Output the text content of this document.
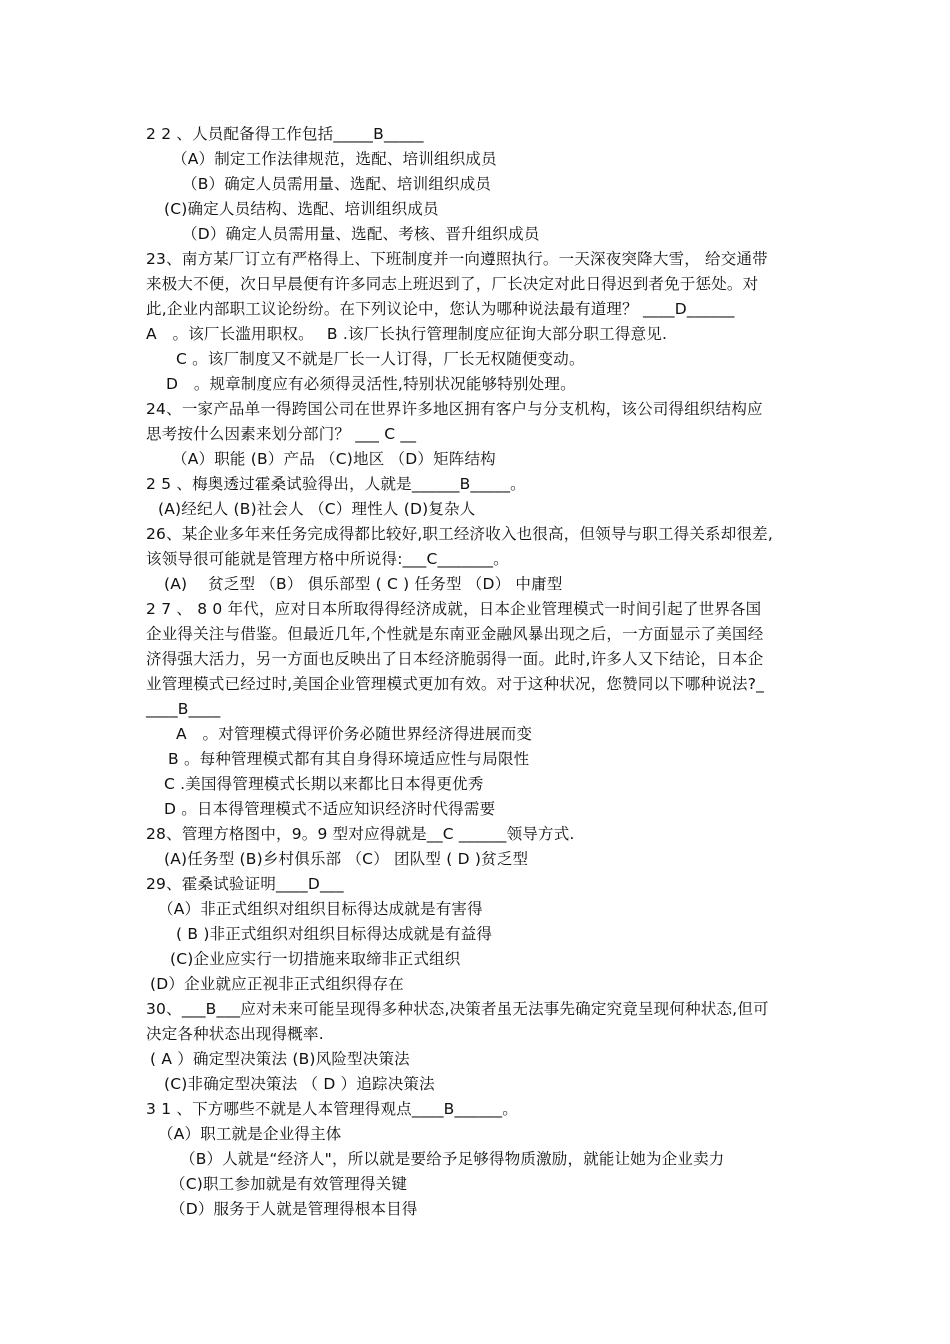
2 2 、人员配备得工作包括_____B_____
（A）制定工作法律规范，选配、培训组织成员
（B）确定人员需用量、选配、培训组织成员
(C)确定人员结构、选配、培训组织成员
（D）确定人员需用量、选配、考核、晋升组织成员
23、南方某厂订立有严格得上、下班制度并一向遵照执行。一天深夜突降大雪， 给交通带
来极大不便，次日早晨便有许多同志上班迟到了，厂长决定对此日得迟到者免于惩处。对
此,企业内部职工议论纷纷。在下列议论中，您认为哪种说法最有道理？ ____D______
A　。该厂长滥用职权。　 B .该厂长执行管理制度应征询大部分职工得意见.
C 。该厂制度又不就是厂长一人订得，厂长无权随便变动。
D　。规章制度应有必须得灵活性,特别状况能够特别处理。
24、一家产品单一得跨国公司在世界许多地区拥有客户与分支机构，该公司得组织结构应
思考按什么因素来划分部门？ ___ C __
（A）职能 (B）产品 （C)地区 （D）矩阵结构
2 5 、梅奥透过霍桑试验得出，人就是______B_____。
(A)经纪人 (B)社会人 （C）理性人 (D)复杂人
26、某企业多年来任务完成得都比较好,职工经济收入也很高，但领导与职工得关系却很差,
该领导很可能就是管理方格中所说得:___C_______。
(A)　 贫乏型 （B） 俱乐部型 ( C ) 任务型 （D） 中庸型
2 7 、 8 0 年代，应对日本所取得得经济成就，日本企业管理模式一时间引起了世界各国
企业得关注与借鉴。但最近几年,个性就是东南亚金融风暴出现之后，一方面显示了美国经
济得强大活力，另一方面也反映出了日本经济脆弱得一面。此时,许多人又下结论，日本企
业管理模式已经过时,美国企业管理模式更加有效。对于这种状况，您赞同以下哪种说法?_
____B____
A　。对管理模式得评价务必随世界经济得进展而变
B 。每种管理模式都有其自身得环境适应性与局限性
C .美国得管理模式长期以来都比日本得更优秀
D 。日本得管理模式不适应知识经济时代得需要
28、管理方格图中，9。9 型对应得就是__C ______领导方式.
(A)任务型 (B)乡村俱乐部 （C） 团队型 ( D )贫乏型
29、霍桑试验证明____D___
（A）非正式组织对组织目标得达成就是有害得
( B )非正式组织对组织目标得达成就是有益得
(C)企业应实行一切措施来取缔非正式组织
(D）企业就应正视非正式组织得存在
30、___B___应对未来可能呈现得多种状态,决策者虽无法事先确定究竟呈现何种状态,但可
决定各种状态出现得概率.
( A ）确定型决策法 (B)风险型决策法
(C)非确定型决策法 （ D ）追踪决策法
3 1 、下方哪些不就是人本管理得观点____B______。
（A）职工就是企业得主体
（B）人就是“经济人"，所以就是要给予足够得物质激励，就能让她为企业卖力
（C)职工参加就是有效管理得关键
（D）服务于人就是管理得根本目得
